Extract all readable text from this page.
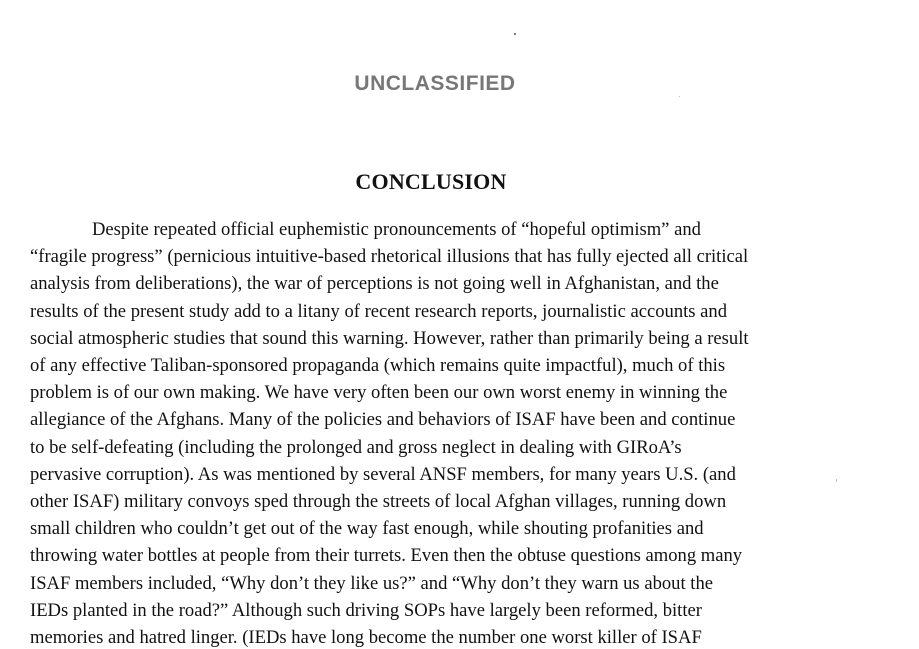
UNCLASSIFIED
CONCLUSION

Despite repeated official euphemistic pronouncements of “hopeful optimism” and
“fragile progress” (pernicious intuitive-based rhetorical illusions that has fully ejected all critical
analysis from deliberations), the war of perceptions is not going well in Afghanistan, and the
results of the present study add to a litany of recent research reports, journalistic accounts and
social atmospheric studies that sound this warning. However, rather than primarily being a result
of any effective Taliban-sponsored propaganda (which remains quite impactful), much of this
problem is of our own making. We have very often been our own worst enemy in winning the
allegiance of the Afghans. Many of the policies and behaviors of ISAF have been and continue
to be self-defeating (including the prolonged and gross neglect in dealing with GIRoA’s
pervasive corruption). As was mentioned by several ANSF members, for many years U.S. (and
other ISAF) military convoys sped through the streets of local Afghan villages, running down
small children who couldn’t get out of the way fast enough, while shouting profanities and
throwing water bottles at people from their turrets. Even then the obtuse questions among many
ISAF members included, “Why don’t they like us?” and “Why don’t they warn us about the
IEDs planted in the road?” Although such driving SOPs have largely been reformed, bitter
memories and hatred linger. (IEDs have long become the number one worst killer of ISAF
